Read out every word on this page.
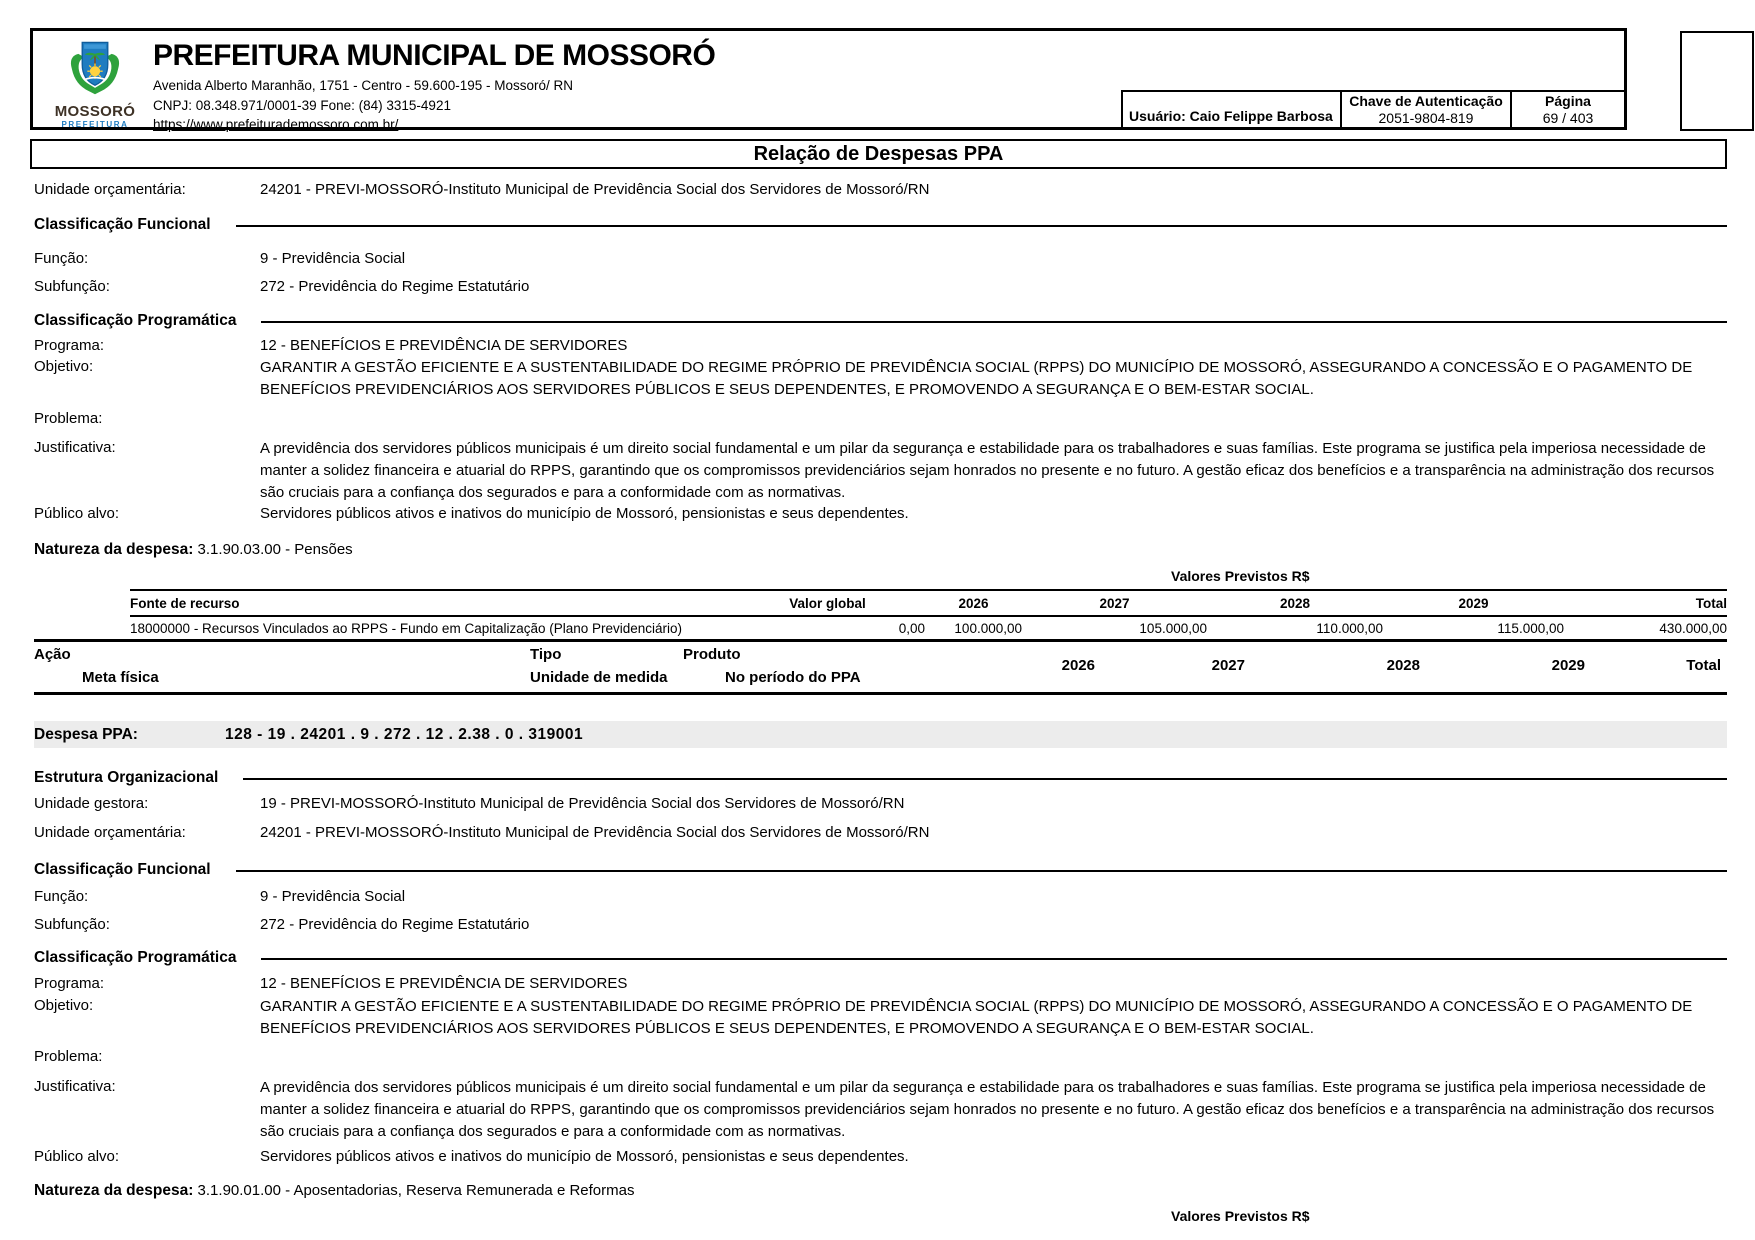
MOSSORÓ
PREFEITURA
PREFEITURA MUNICIPAL DE MOSSORÓ
Avenida Alberto Maranhão, 1751 - Centro - 59.600-195 - Mossoró/ RN
CNPJ: 08.348.971/0001-39 Fone: (84) 3315-4921
https://www.prefeiturademossoro.com.br/
Usuário: Caio Felippe Barbosa
Chave de Autenticação
2051-9804-819
Página
69 / 403
Relação de Despesas PPA
Unidade orçamentária:	24201 - PREVI-MOSSORÓ-Instituto Municipal de Previdência Social dos Servidores de Mossoró/RN
Classificação Funcional
Função:	9 - Previdência Social
Subfunção:	272 - Previdência do Regime Estatutário
Classificação Programática
Programa:	12 - BENEFÍCIOS E PREVIDÊNCIA DE SERVIDORES
Objetivo:	GARANTIR A GESTÃO EFICIENTE E A SUSTENTABILIDADE DO REGIME PRÓPRIO DE PREVIDÊNCIA SOCIAL (RPPS) DO MUNICÍPIO DE MOSSORÓ, ASSEGURANDO A CONCESSÃO E O PAGAMENTO DE BENEFÍCIOS PREVIDENCIÁRIOS AOS SERVIDORES PÚBLICOS E SEUS DEPENDENTES, E PROMOVENDO A SEGURANÇA E O BEM-ESTAR SOCIAL.
Problema:
Justificativa:	A previdência dos servidores públicos municipais é um direito social fundamental e um pilar da segurança e estabilidade para os trabalhadores e suas famílias. Este programa se justifica pela imperiosa necessidade de manter a solidez financeira e atuarial do RPPS, garantindo que os compromissos previdenciários sejam honrados no presente e no futuro. A gestão eficaz dos benefícios e a transparência na administração dos recursos são cruciais para a confiança dos segurados e para a conformidade com as normativas.
Público alvo:	Servidores públicos ativos e inativos do município de Mossoró, pensionistas e seus dependentes.
Natureza da despesa: 3.1.90.03.00 - Pensões
Valores Previstos R$
Fonte de recurso	Valor global	2026	2027	2028	2029	Total
18000000 - Recursos Vinculados ao RPPS - Fundo em Capitalização (Plano Previdenciário)	0,00	100.000,00	105.000,00	110.000,00	115.000,00	430.000,00
Ação	Tipo	Produto
Meta física	Unidade de medida	No período do PPA
2026	2027	2028	2029	Total
Despesa PPA:	128 - 19 . 24201 . 9 . 272 . 12 . 2.38 . 0 . 319001
Estrutura Organizacional
Unidade gestora:	19 - PREVI-MOSSORÓ-Instituto Municipal de Previdência Social dos Servidores de Mossoró/RN
Unidade orçamentária:	24201 - PREVI-MOSSORÓ-Instituto Municipal de Previdência Social dos Servidores de Mossoró/RN
Classificação Funcional
Função:	9 - Previdência Social
Subfunção:	272 - Previdência do Regime Estatutário
Classificação Programática
Programa:	12 - BENEFÍCIOS E PREVIDÊNCIA DE SERVIDORES
Objetivo:	GARANTIR A GESTÃO EFICIENTE E A SUSTENTABILIDADE DO REGIME PRÓPRIO DE PREVIDÊNCIA SOCIAL (RPPS) DO MUNICÍPIO DE MOSSORÓ, ASSEGURANDO A CONCESSÃO E O PAGAMENTO DE BENEFÍCIOS PREVIDENCIÁRIOS AOS SERVIDORES PÚBLICOS E SEUS DEPENDENTES, E PROMOVENDO A SEGURANÇA E O BEM-ESTAR SOCIAL.
Problema:
Justificativa:	A previdência dos servidores públicos municipais é um direito social fundamental e um pilar da segurança e estabilidade para os trabalhadores e suas famílias. Este programa se justifica pela imperiosa necessidade de manter a solidez financeira e atuarial do RPPS, garantindo que os compromissos previdenciários sejam honrados no presente e no futuro. A gestão eficaz dos benefícios e a transparência na administração dos recursos são cruciais para a confiança dos segurados e para a conformidade com as normativas.
Público alvo:	Servidores públicos ativos e inativos do município de Mossoró, pensionistas e seus dependentes.
Natureza da despesa: 3.1.90.01.00 - Aposentadorias, Reserva Remunerada e Reformas
Valores Previstos R$
